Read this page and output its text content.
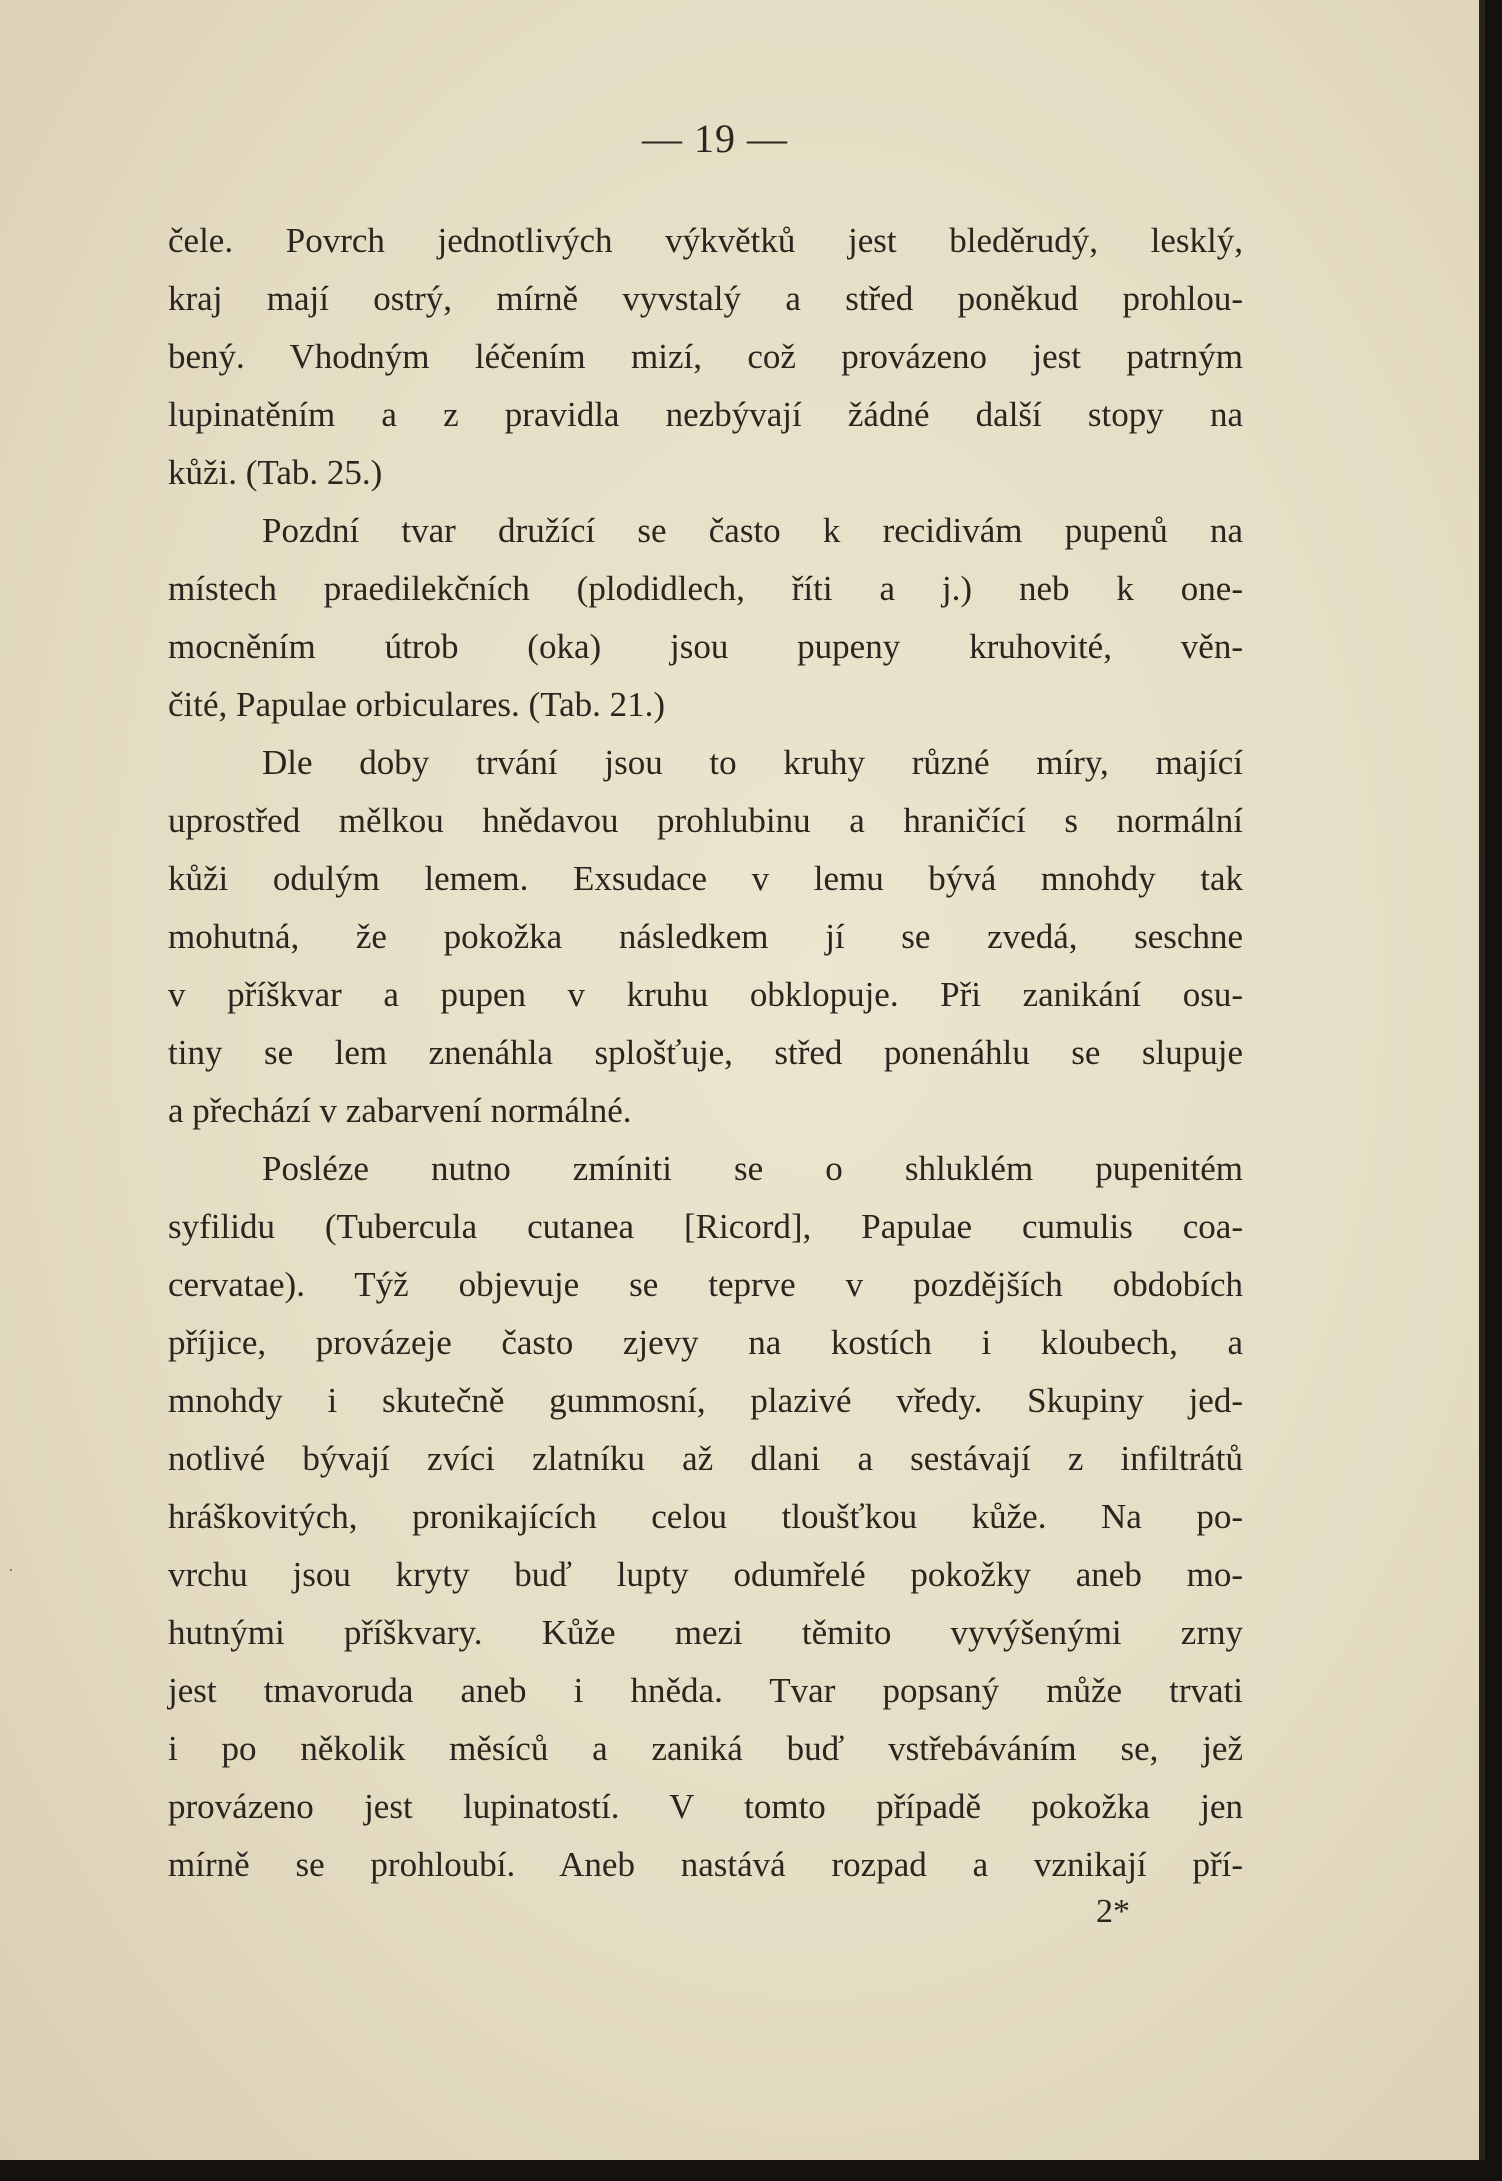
— 19 —
čele. Povrch jednotlivých výkvětků jest bleděrudý, lesklý,
kraj mají ostrý, mírně vyvstalý a střed poněkud prohlou-
bený. Vhodným léčením mizí, což provázeno jest patrným
lupinatěním a z pravidla nezbývají žádné další stopy na
kůži. (Tab. 25.)
Pozdní tvar družící se často k recidivám pupenů na
místech praedilekčních (plodidlech, říti a j.) neb k one-
mocněním útrob (oka) jsou pupeny kruhovité, věn-
čité, Papulae orbiculares. (Tab. 21.)
Dle doby trvání jsou to kruhy různé míry, mající
uprostřed mělkou hnědavou prohlubinu a hraničící s normální
kůži odulým lemem. Exsudace v lemu bývá mnohdy tak
mohutná, že pokožka následkem jí se zvedá, seschne
v příškvar a pupen v kruhu obklopuje. Při zanikání osu-
tiny se lem znenáhla splošťuje, střed ponenáhlu se slupuje
a přechází v zabarvení normálné.
Posléze nutno zmíniti se o shluklém pupenitém
syfilidu (Tubercula cutanea [Ricord], Papulae cumulis coa-
cervatae). Týž objevuje se teprve v pozdějších obdobích
příjice, provázeje často zjevy na kostích i kloubech, a
mnohdy i skutečně gummosní, plazivé vředy. Skupiny jed-
notlivé bývají zvíci zlatníku až dlani a sestávají z infiltrátů
hráškovitých, pronikajících celou tloušťkou kůže. Na po-
vrchu jsou kryty buď lupty odumřelé pokožky aneb mo-
hutnými příškvary. Kůže mezi těmito vyvýšenými zrny
jest tmavoruda aneb i hněda. Tvar popsaný může trvati
i po několik měsíců a zaniká buď vstřebáváním se, jež
provázeno jest lupinatostí. V tomto případě pokožka jen
mírně se prohloubí. Aneb nastává rozpad a vznikají pří-
2*
·
